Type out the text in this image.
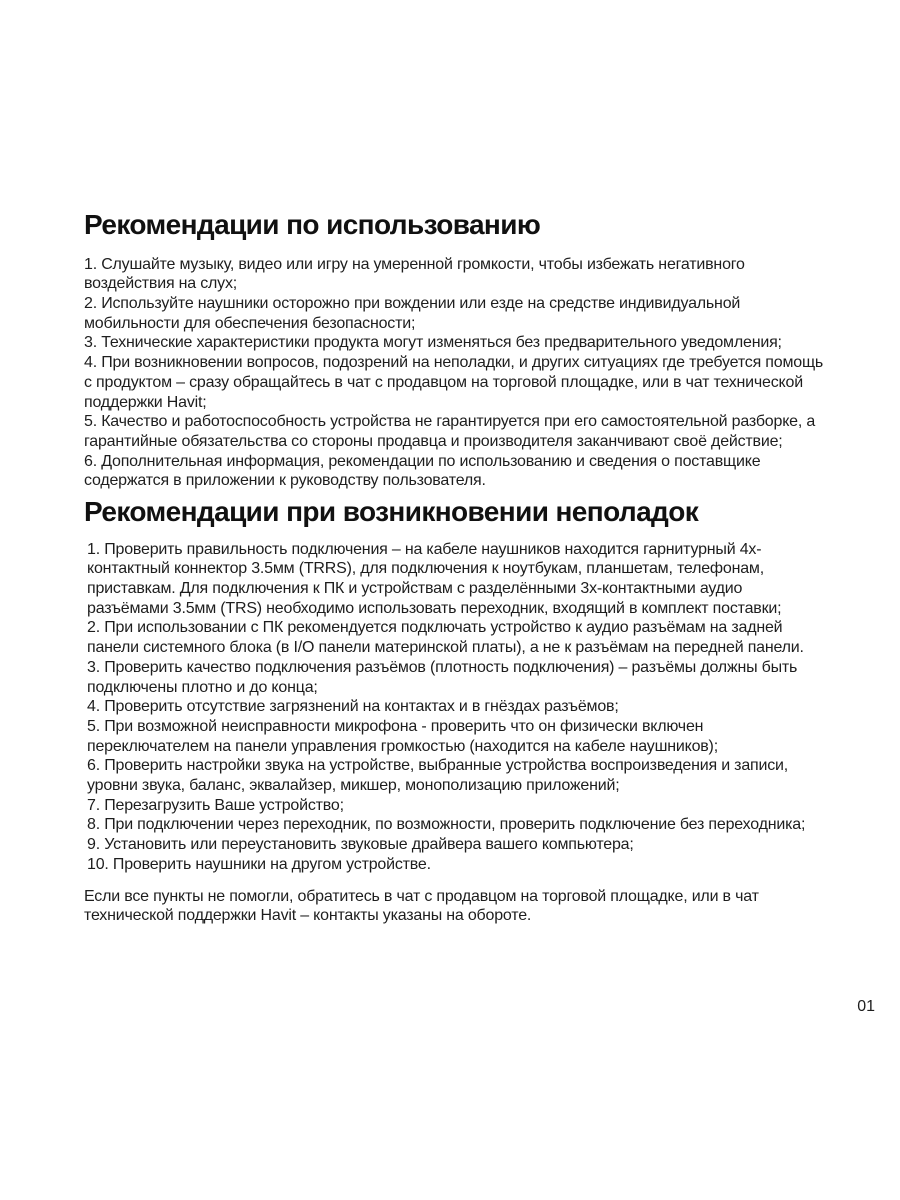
Рекомендации по использованию

1. Слушайте музыку, видео или игру на умеренной громкости, чтобы избежать негативного воздействия на слух;

2. Используйте наушники осторожно при вождении или езде на средстве индивидуальной мобильности для обеспечения безопасности;

3. Технические характеристики продукта могут изменяться без предварительного уведомления;

4. При возникновении вопросов, подозрений на неполадки, и других ситуациях где требуется помощь с продуктом – сразу обращайтесь в чат с продавцом на торговой площадке, или в чат технической поддержки Havit;

5. Качество и работоспособность устройства не гарантируется при его самостоятельной разборке, а гарантийные обязательства со стороны продавца и производителя заканчивают своё действие;

6. Дополнительная информация, рекомендации по использованию и сведения о поставщике содержатся в приложении к руководству пользователя.

Рекомендации при возникновении неполадок

1. Проверить правильность подключения – на кабеле наушников находится гарнитурный 4х-контактный коннектор 3.5мм (TRRS), для подключения к ноутбукам, планшетам, телефонам, приставкам. Для подключения к ПК и устройствам с разделёнными 3х-контактными аудио разъёмами 3.5мм (TRS) необходимо использовать переходник, входящий в комплект поставки;

2. При использовании с ПК рекомендуется подключать устройство к аудио разъёмам на задней панели системного блока (в I/O панели материнской платы), а не к разъёмам на передней панели.

3. Проверить качество подключения разъёмов (плотность подключения) – разъёмы должны быть подключены плотно и до конца;

4. Проверить отсутствие загрязнений на контактах и в гнёздах разъёмов;

5. При возможной неисправности микрофона - проверить что он физически включен переключателем на панели управления громкостью (находится на кабеле наушников);

6. Проверить настройки звука на устройстве, выбранные устройства воспроизведения и записи, уровни звука, баланс, эквалайзер, микшер, монополизацию приложений;

7. Перезагрузить Ваше устройство;

8. При подключении через переходник, по возможности, проверить подключение без переходника;

9. Установить или переустановить звуковые драйвера вашего компьютера;

10. Проверить наушники на другом устройстве.

Если все пункты не помогли, обратитесь в чат с продавцом на торговой площадке, или в чат технической поддержки Havit – контакты указаны на обороте.

01
